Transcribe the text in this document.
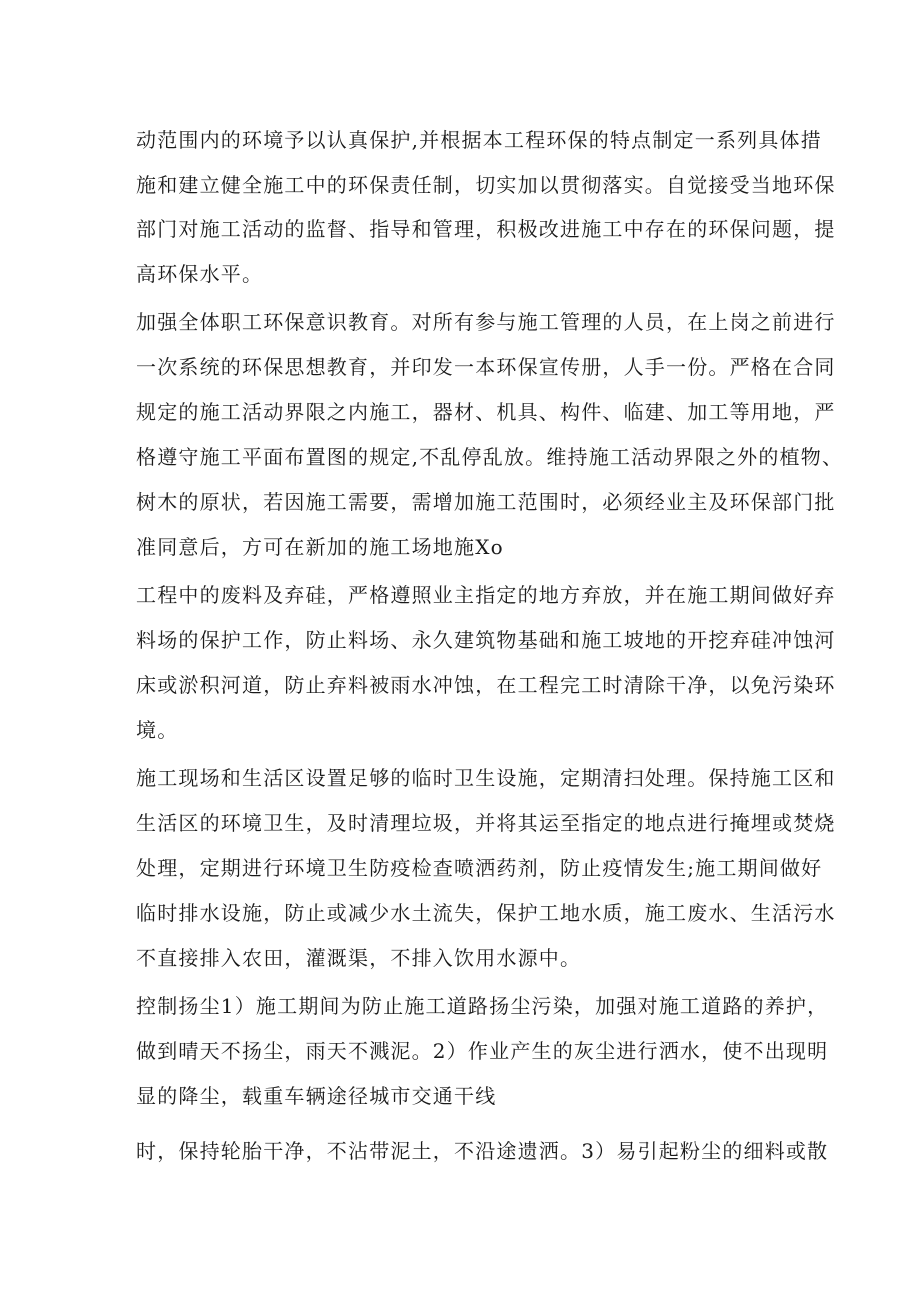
动范围内的环境予以认真保护,并根据本工程环保的特点制定一系列具体措
施和建立健全施工中的环保责任制，切实加以贯彻落实。自觉接受当地环保
部门对施工活动的监督、指导和管理，积极改进施工中存在的环保问题，提
高环保水平。
加强全体职工环保意识教育。对所有参与施工管理的人员，在上岗之前进行
一次系统的环保思想教育，并印发一本环保宣传册，人手一份。严格在合同
规定的施工活动界限之内施工，器材、机具、构件、临建、加工等用地，严
格遵守施工平面布置图的规定,不乱停乱放。维持施工活动界限之外的植物、
树木的原状，若因施工需要，需增加施工范围时，必须经业主及环保部门批
准同意后，方可在新加的施工场地施Xo
工程中的废料及弃硅，严格遵照业主指定的地方弃放，并在施工期间做好弃
料场的保护工作，防止料场、永久建筑物基础和施工坡地的开挖弃硅冲蚀河
床或淤积河道，防止弃料被雨水冲蚀，在工程完工时清除干净，以免污染环
境。
施工现场和生活区设置足够的临时卫生设施，定期清扫处理。保持施工区和
生活区的环境卫生，及时清理垃圾，并将其运至指定的地点进行掩埋或焚烧
处理，定期进行环境卫生防疫检查喷洒药剂，防止疫情发生;施工期间做好
临时排水设施，防止或减少水土流失，保护工地水质，施工废水、生活污水
不直接排入农田，灌溉渠，不排入饮用水源中。
控制扬尘1）施工期间为防止施工道路扬尘污染，加强对施工道路的养护，
做到晴天不扬尘，雨天不溅泥。2）作业产生的灰尘进行洒水，使不出现明
显的降尘，载重车辆途径城市交通干线
时，保持轮胎干净，不沾带泥土，不沿途遗洒。3）易引起粉尘的细料或散
